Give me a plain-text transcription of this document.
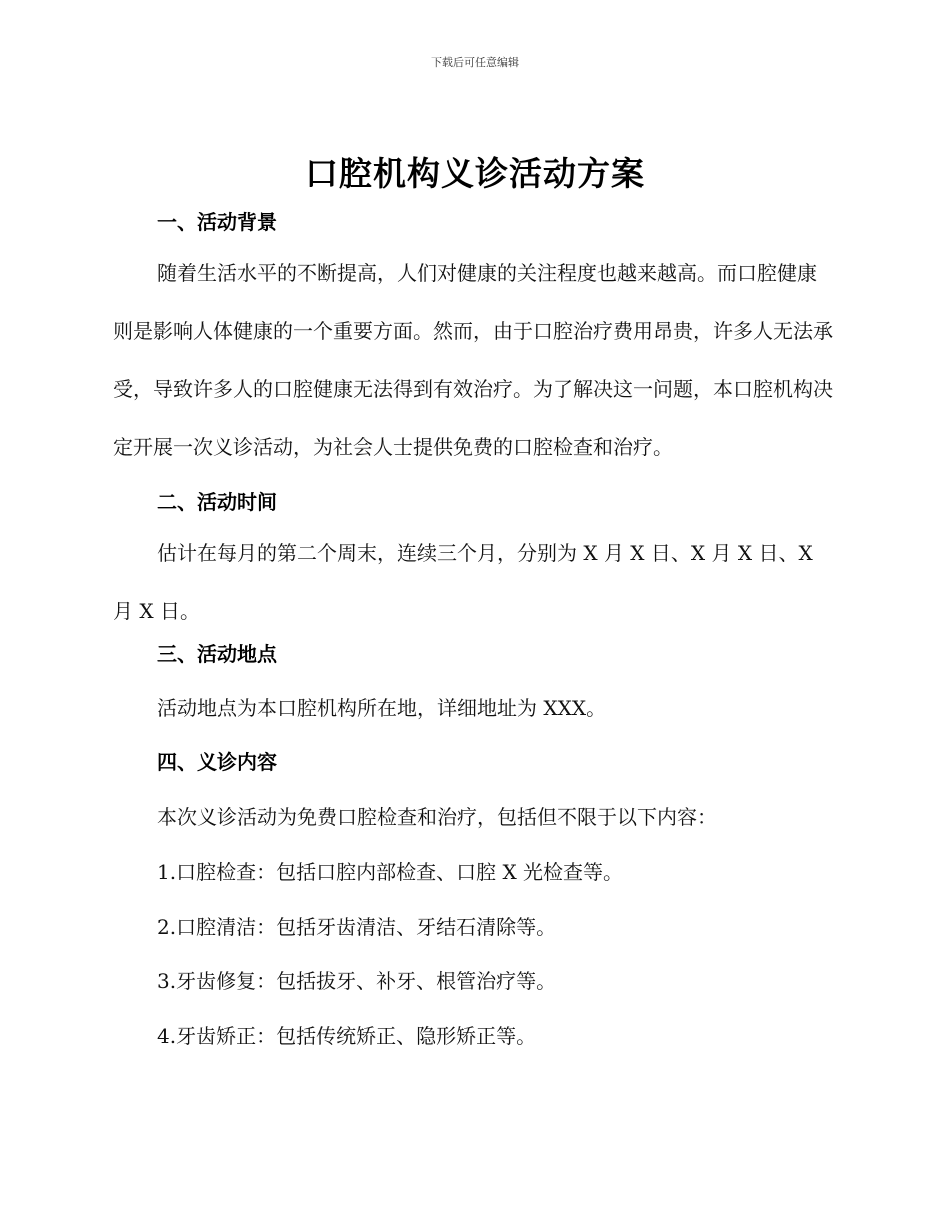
下载后可任意编辑
口腔机构义诊活动方案
一、活动背景
随着生活水平的不断提高，人们对健康的关注程度也越来越高。而口腔健康则是影响人体健康的一个重要方面。然而，由于口腔治疗费用昂贵，许多人无法承受，导致许多人的口腔健康无法得到有效治疗。为了解决这一问题，本口腔机构决定开展一次义诊活动，为社会人士提供免费的口腔检查和治疗。
二、活动时间
估计在每月的第二个周末，连续三个月，分别为 X 月 X 日、X 月 X 日、X 月 X 日。
三、活动地点
活动地点为本口腔机构所在地，详细地址为 XXX。
四、义诊内容
本次义诊活动为免费口腔检查和治疗，包括但不限于以下内容：
1.口腔检查：包括口腔内部检查、口腔 X 光检查等。
2.口腔清洁：包括牙齿清洁、牙结石清除等。
3.牙齿修复：包括拔牙、补牙、根管治疗等。
4.牙齿矫正：包括传统矫正、隐形矫正等。
